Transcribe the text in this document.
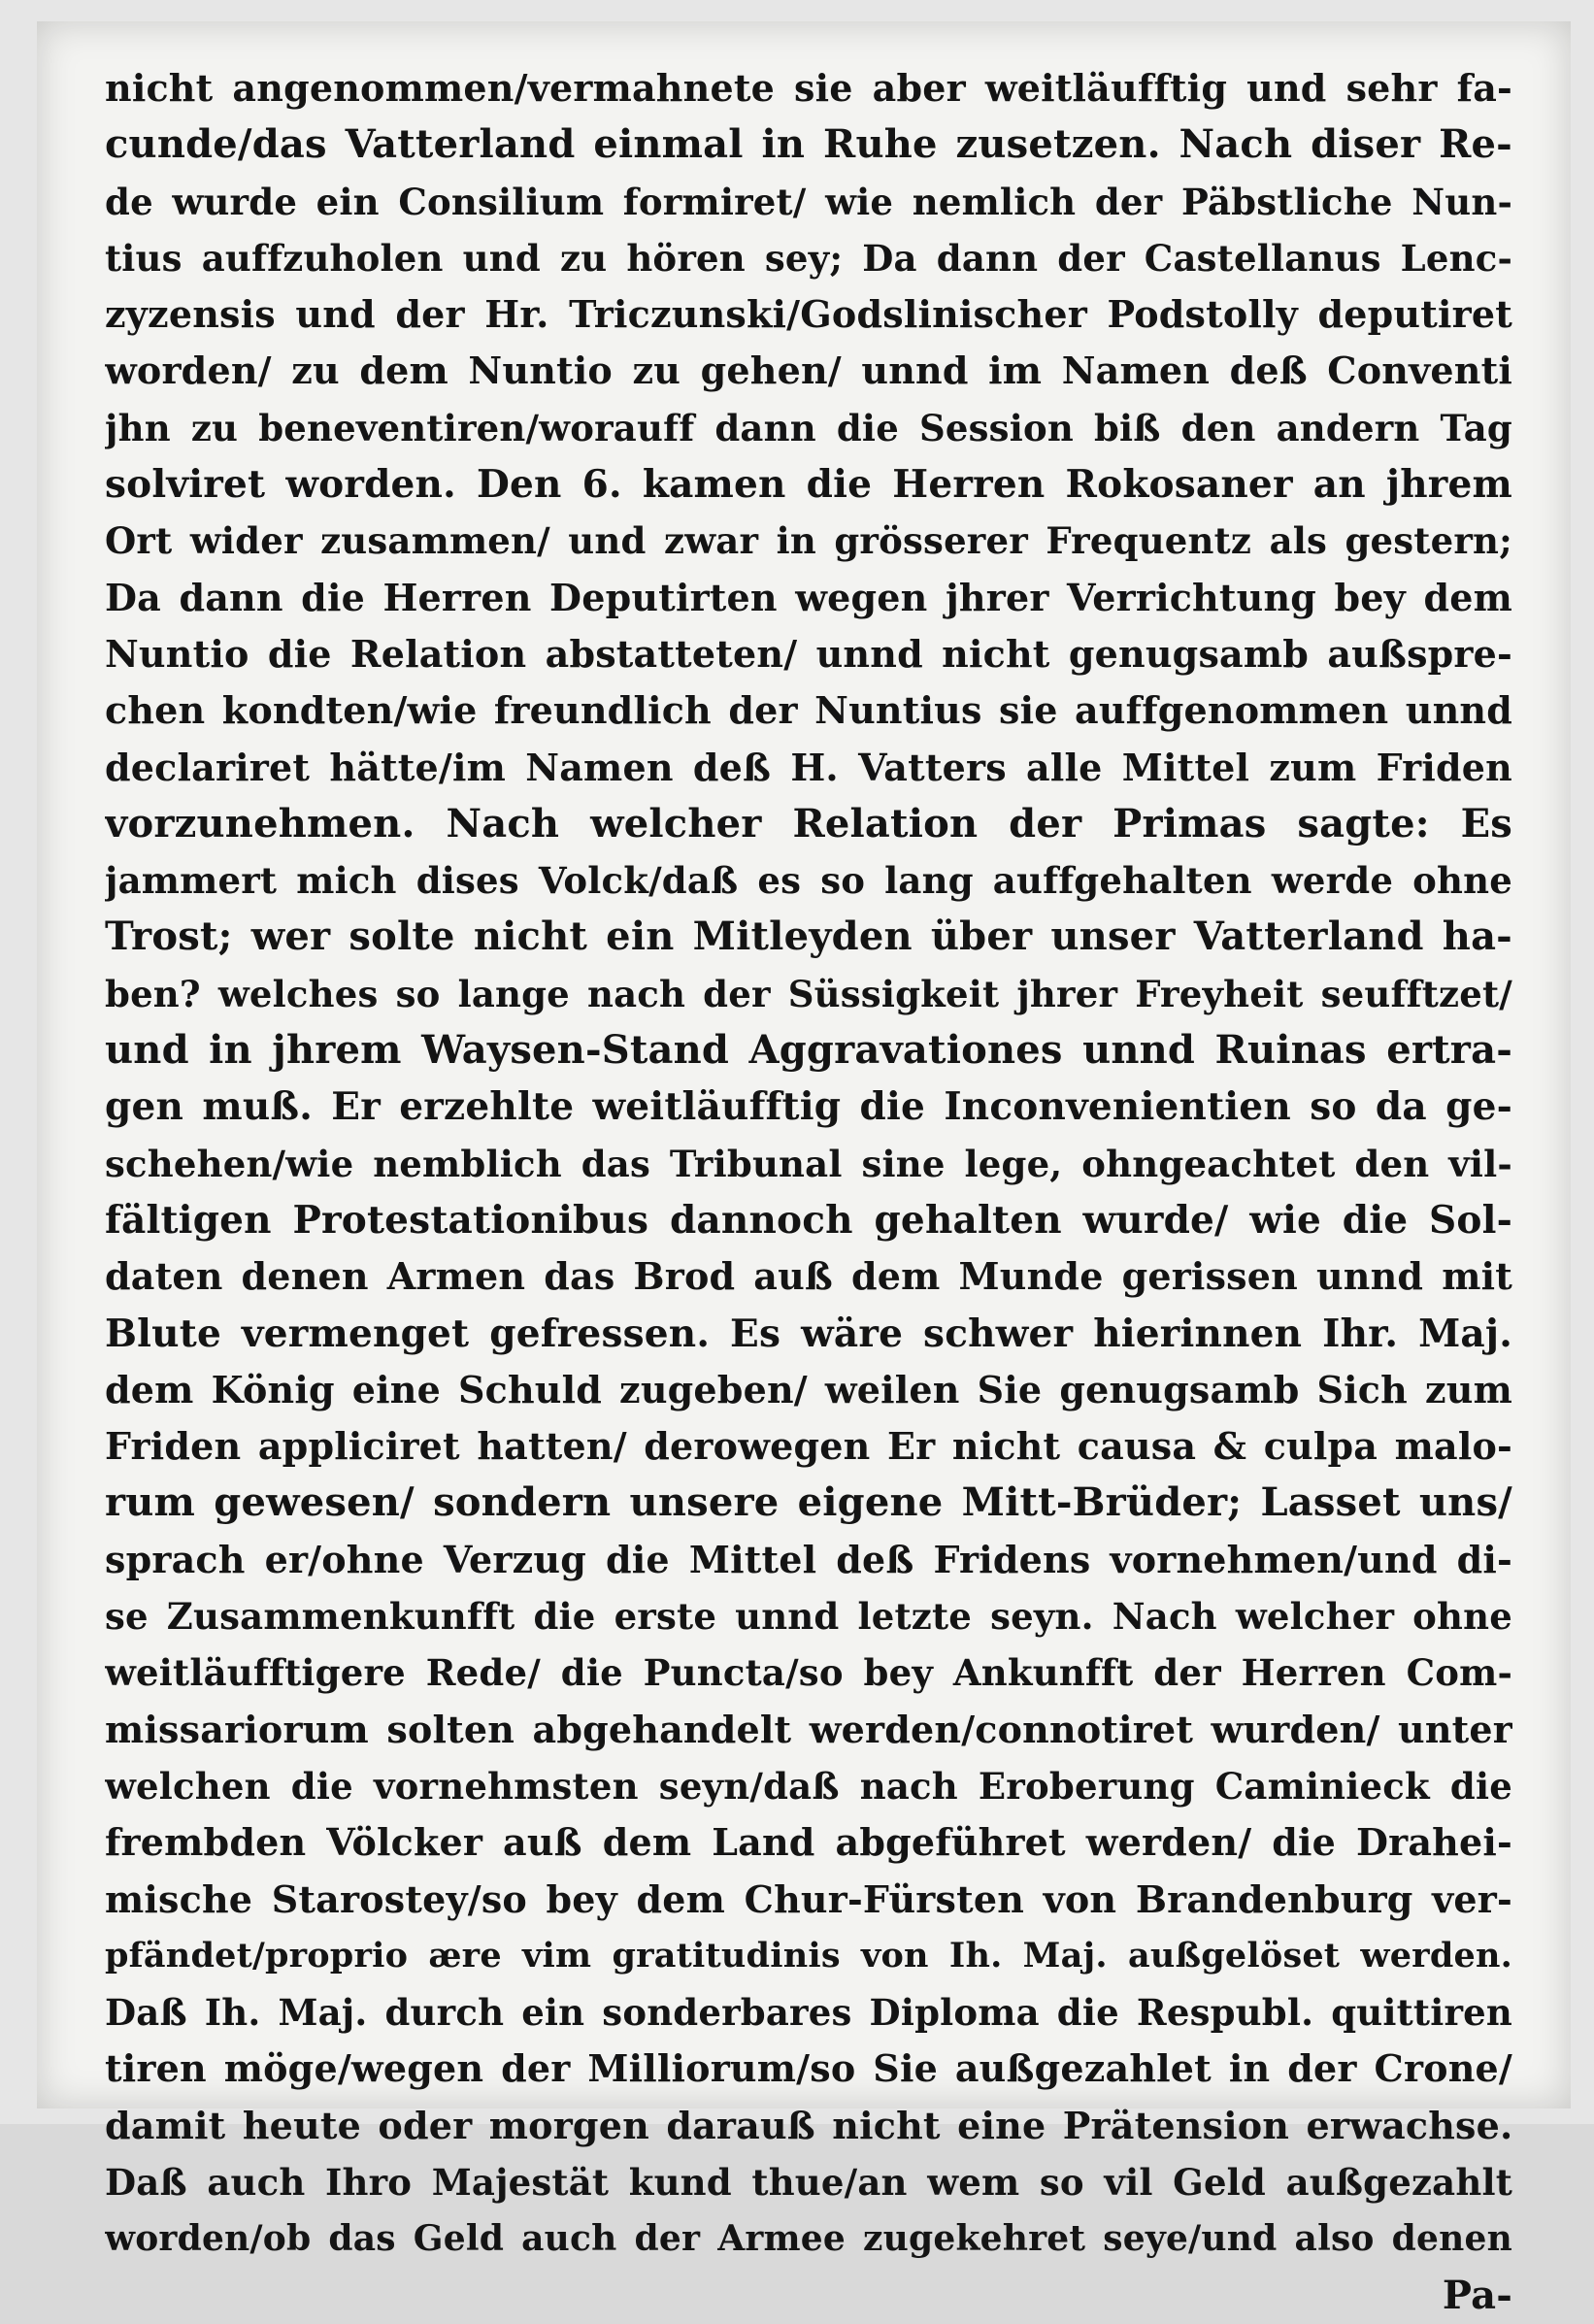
nicht angenommen/vermahnete sie aber weitläufftig und sehr fa-
cunde/das Vatterland einmal in Ruhe zusetzen. Nach diser Re-
de wurde ein Consilium formiret/ wie nemlich der Päbstliche Nun-
tius auffzuholen und zu hören sey; Da dann der Castellanus Lenc-
zyzensis und der Hr. Triczunski/Godslinischer Podstolly deputiret
worden/ zu dem Nuntio zu gehen/ unnd im Namen deß Conventi
jhn zu beneventiren/worauff dann die Session biß den andern Tag
solviret worden. Den 6. kamen die Herren Rokosaner an jhrem
Ort wider zusammen/ und zwar in grösserer Frequentz als gestern;
Da dann die Herren Deputirten wegen jhrer Verrichtung bey dem
Nuntio die Relation abstatteten/ unnd nicht genugsamb außspre-
chen kondten/wie freundlich der Nuntius sie auffgenommen unnd
declariret hätte/im Namen deß H. Vatters alle Mittel zum Friden
vorzunehmen. Nach welcher Relation der Primas sagte: Es
jammert mich dises Volck/daß es so lang auffgehalten werde ohne
Trost; wer solte nicht ein Mitleyden über unser Vatterland ha-
ben? welches so lange nach der Süssigkeit jhrer Freyheit seufftzet/
und in jhrem Waysen-Stand Aggravationes unnd Ruinas ertra-
gen muß. Er erzehlte weitläufftig die Inconvenientien so da ge-
schehen/wie nemblich das Tribunal sine lege, ohngeachtet den vil-
fältigen Protestationibus dannoch gehalten wurde/ wie die Sol-
daten denen Armen das Brod auß dem Munde gerissen unnd mit
Blute vermenget gefressen. Es wäre schwer hierinnen Ihr. Maj.
dem König eine Schuld zugeben/ weilen Sie genugsamb Sich zum
Friden appliciret hatten/ derowegen Er nicht causa & culpa malo-
rum gewesen/ sondern unsere eigene Mitt-Brüder; Lasset uns/
sprach er/ohne Verzug die Mittel deß Fridens vornehmen/und di-
se Zusammenkunfft die erste unnd letzte seyn. Nach welcher ohne
weitläufftigere Rede/ die Puncta/so bey Ankunfft der Herren Com-
missariorum solten abgehandelt werden/connotiret wurden/ unter
welchen die vornehmsten seyn/daß nach Eroberung Caminieck die
frembden Völcker auß dem Land abgeführet werden/ die Drahei-
mische Starostey/so bey dem Chur-Fürsten von Brandenburg ver-
pfändet/proprio ære vim gratitudinis von Ih. Maj. außgelöset werden.
Daß Ih. Maj. durch ein sonderbares Diploma die Respubl. quittiren
tiren möge/wegen der Milliorum/so Sie außgezahlet in der Crone/
damit heute oder morgen darauß nicht eine Prätension erwachse.
Daß auch Ihro Majestät kund thue/an wem so vil Geld außgezahlt
worden/ob das Geld auch der Armee zugekehret seye/und also denen
Pa-
